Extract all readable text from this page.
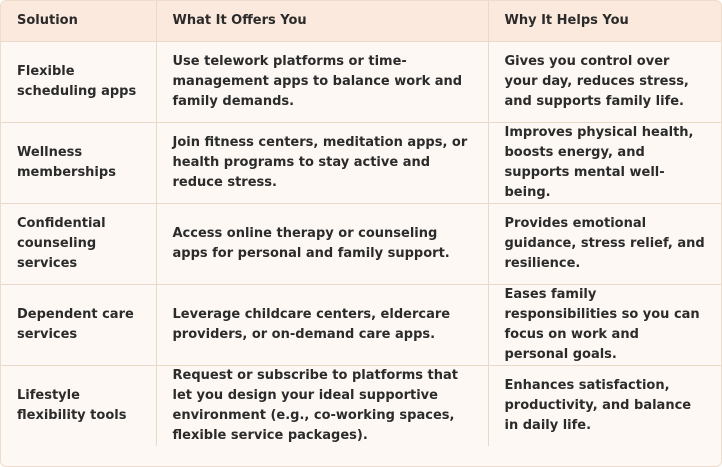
Solution	What It Offers You	Why It Helps You
Flexible scheduling apps	Use telework platforms or time-management apps to balance work and family demands.	Gives you control over your day, reduces stress, and supports family life.
Wellness memberships	Join fitness centers, meditation apps, or health programs to stay active and reduce stress.	Improves physical health, boosts energy, and supports mental well-being.
Confidential counseling services	Access online therapy or counseling apps for personal and family support.	Provides emotional guidance, stress relief, and resilience.
Dependent care services	Leverage childcare centers, eldercare providers, or on-demand care apps.	Eases family responsibilities so you can focus on work and personal goals.
Lifestyle flexibility tools	Request or subscribe to platforms that let you design your ideal supportive environment (e.g., co-working spaces, flexible service packages).	Enhances satisfaction, productivity, and balance in daily life.
